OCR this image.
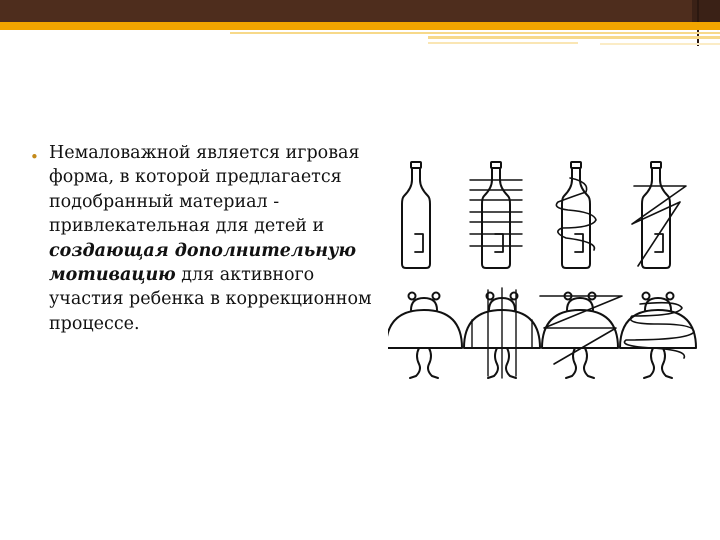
• Немаловажной является игровая форма, в которой предлагается подобранный материал - привлекательная для детей и создающая дополнительную мотивацию для активного участия ребенка в коррекционном процессе.
